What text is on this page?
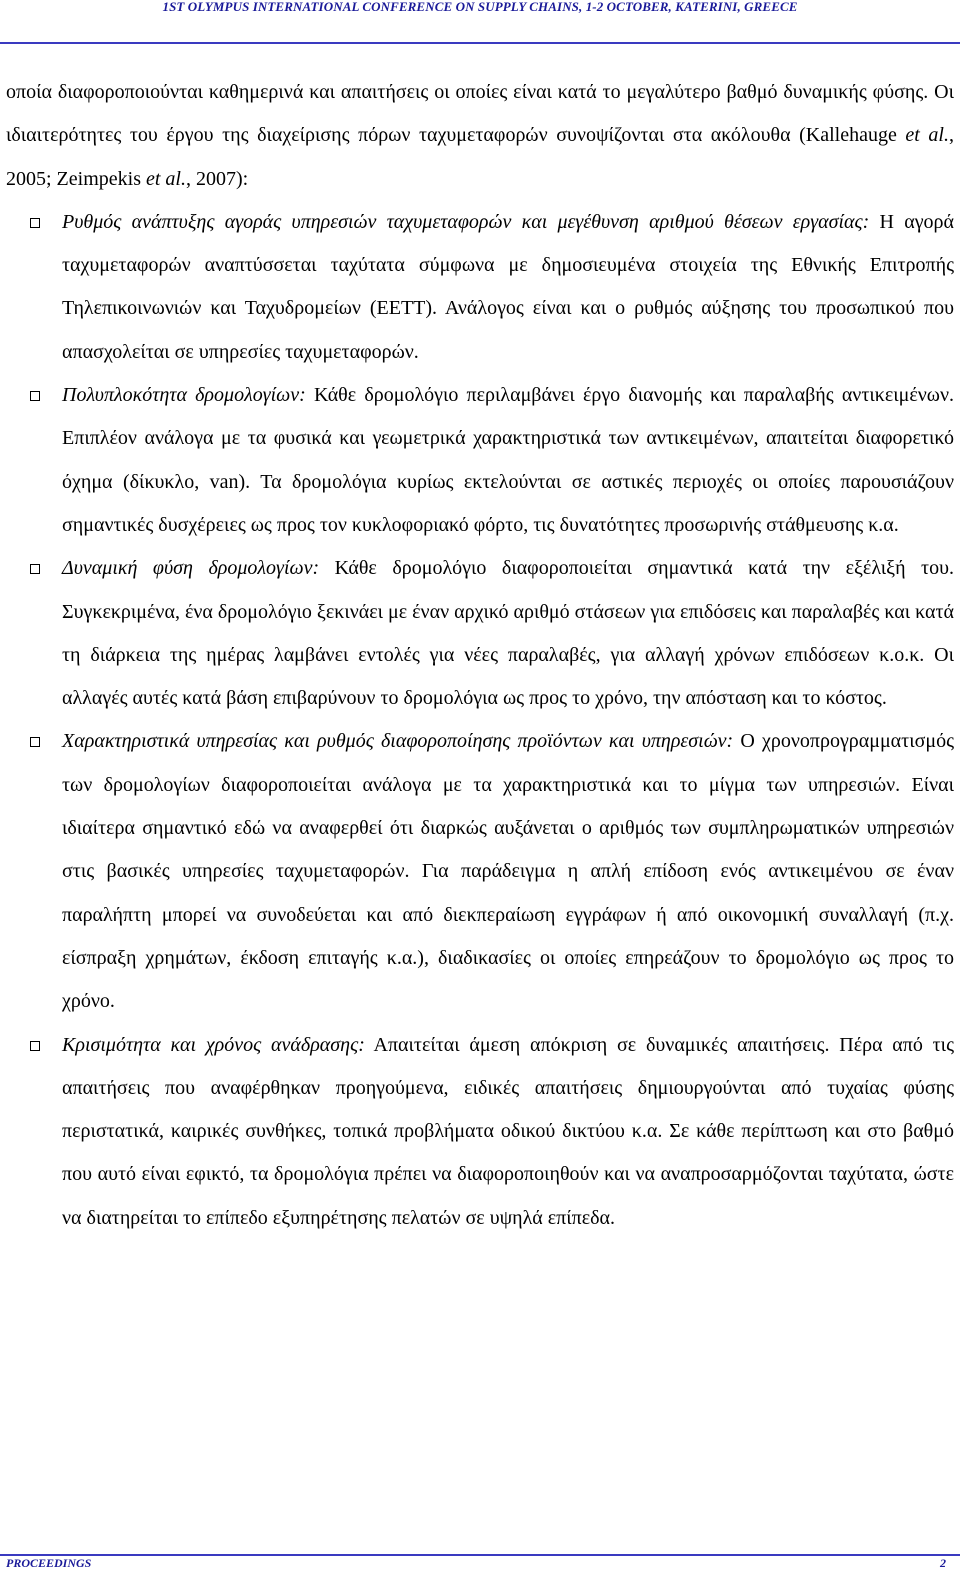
1ST OLYMPUS INTERNATIONAL CONFERENCE ON SUPPLY CHAINS, 1-2 OCTOBER, KATERINI, GREECE

οποία διαφοροποιούνται καθημερινά και απαιτήσεις οι οποίες είναι κατά το μεγαλύτερο βαθμό δυναμικής φύσης. Οι ιδιαιτερότητες του έργου της διαχείρισης πόρων ταχυμεταφορών συνοψίζονται στα ακόλουθα (Kallehauge et al., 2005; Zeimpekis et al., 2007):

Ρυθμός ανάπτυξης αγοράς υπηρεσιών ταχυμεταφορών και μεγέθυνση αριθμού θέσεων εργασίας: Η αγορά ταχυμεταφορών αναπτύσσεται ταχύτατα σύμφωνα με δημοσιευμένα στοιχεία της Εθνικής Επιτροπής Τηλεπικοινωνιών και Ταχυδρομείων (ΕΕΤΤ). Ανάλογος είναι και ο ρυθμός αύξησης του προσωπικού που απασχολείται σε υπηρεσίες ταχυμεταφορών.
Πολυπλοκότητα δρομολογίων: Κάθε δρομολόγιο περιλαμβάνει έργο διανομής και παραλαβής αντικειμένων. Επιπλέον ανάλογα με τα φυσικά και γεωμετρικά χαρακτηριστικά των αντικειμένων, απαιτείται διαφορετικό όχημα (δίκυκλο, van). Τα δρομολόγια κυρίως εκτελούνται σε αστικές περιοχές οι οποίες παρουσιάζουν σημαντικές δυσχέρειες ως προς τον κυκλοφοριακό φόρτο, τις δυνατότητες προσωρινής στάθμευσης κ.α.
Δυναμική φύση δρομολογίων: Κάθε δρομολόγιο διαφοροποιείται σημαντικά κατά την εξέλιξή του. Συγκεκριμένα, ένα δρομολόγιο ξεκινάει με έναν αρχικό αριθμό στάσεων για επιδόσεις και παραλαβές και κατά τη διάρκεια της ημέρας λαμβάνει εντολές για νέες παραλαβές, για αλλαγή χρόνων επιδόσεων κ.ο.κ. Οι αλλαγές αυτές κατά βάση επιβαρύνουν το δρομολόγια ως προς το χρόνο, την απόσταση και το κόστος.
Χαρακτηριστικά υπηρεσίας και ρυθμός διαφοροποίησης προϊόντων και υπηρεσιών: Ο χρονοπρογραμματισμός των δρομολογίων διαφοροποιείται ανάλογα με τα χαρακτηριστικά και το μίγμα των υπηρεσιών. Είναι ιδιαίτερα σημαντικό εδώ να αναφερθεί ότι διαρκώς αυξάνεται ο αριθμός των συμπληρωματικών υπηρεσιών στις βασικές υπηρεσίες ταχυμεταφορών. Για παράδειγμα η απλή επίδοση ενός αντικειμένου σε έναν παραλήπτη μπορεί να συνοδεύεται και από διεκπεραίωση εγγράφων ή από οικονομική συναλλαγή (π.χ. είσπραξη χρημάτων, έκδοση επιταγής κ.α.), διαδικασίες οι οποίες επηρεάζουν το δρομολόγιο ως προς το χρόνο.
Κρισιμότητα και χρόνος ανάδρασης: Απαιτείται άμεση απόκριση σε δυναμικές απαιτήσεις. Πέρα από τις απαιτήσεις που αναφέρθηκαν προηγούμενα, ειδικές απαιτήσεις δημιουργούνται από τυχαίας φύσης περιστατικά, καιρικές συνθήκες, τοπικά προβλήματα οδικού δικτύου κ.α. Σε κάθε περίπτωση και στο βαθμό που αυτό είναι εφικτό, τα δρομολόγια πρέπει να διαφοροποιηθούν και να αναπροσαρμόζονται ταχύτατα, ώστε να διατηρείται το επίπεδο εξυπηρέτησης πελατών σε υψηλά επίπεδα.
PROCEEDINGS	2
